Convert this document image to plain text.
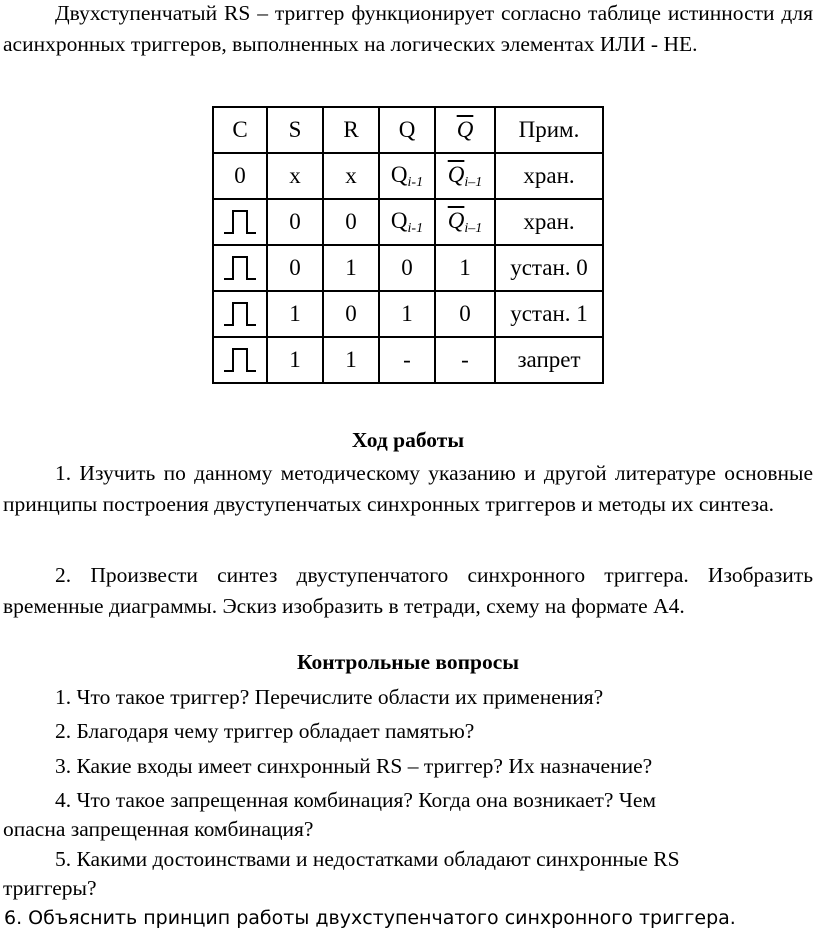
Двухступенчатый RS – триггер функционирует согласно таблице истинности для асинхронных триггеров, выполненных на логических элементах ИЛИ - НЕ.

C	S	R	Q	$\overline{Q}$	Прим.
0	x	x	$Q_{i-1}$	$\overline{Q}_{i-1}$	хран.

	0	0	$Q_{i-1}$	$\overline{Q}_{i-1}$	хран.

	0	1	0	1	устан. 0

	1	0	1	0	устан. 1

	1	1	-	-	запрет
Ход работы

1. Изучить по данному методическому указанию и другой литературе основные принципы построения двуступенчатых синхронных триггеров и методы их синтеза.

2. Произвести синтез двуступенчатого синхронного триггера. Изобразить временные диаграммы. Эскиз изобразить в тетради, схему на формате А4.

Контрольные вопросы
1. Что такое триггер? Перечислите области их применения?
2. Благодаря чему триггер обладает памятью?
3. Какие входы имеет синхронный RS – триггер? Их назначение?

4. Что такое запрещенная комбинация? Когда она возникает? Чем опасна запрещенная комбинация?

5. Какими достоинствами и недостатками обладают синхронные RS триггеры?

6. Объяснить принцип работы двухступенчатого синхронного триггера.
